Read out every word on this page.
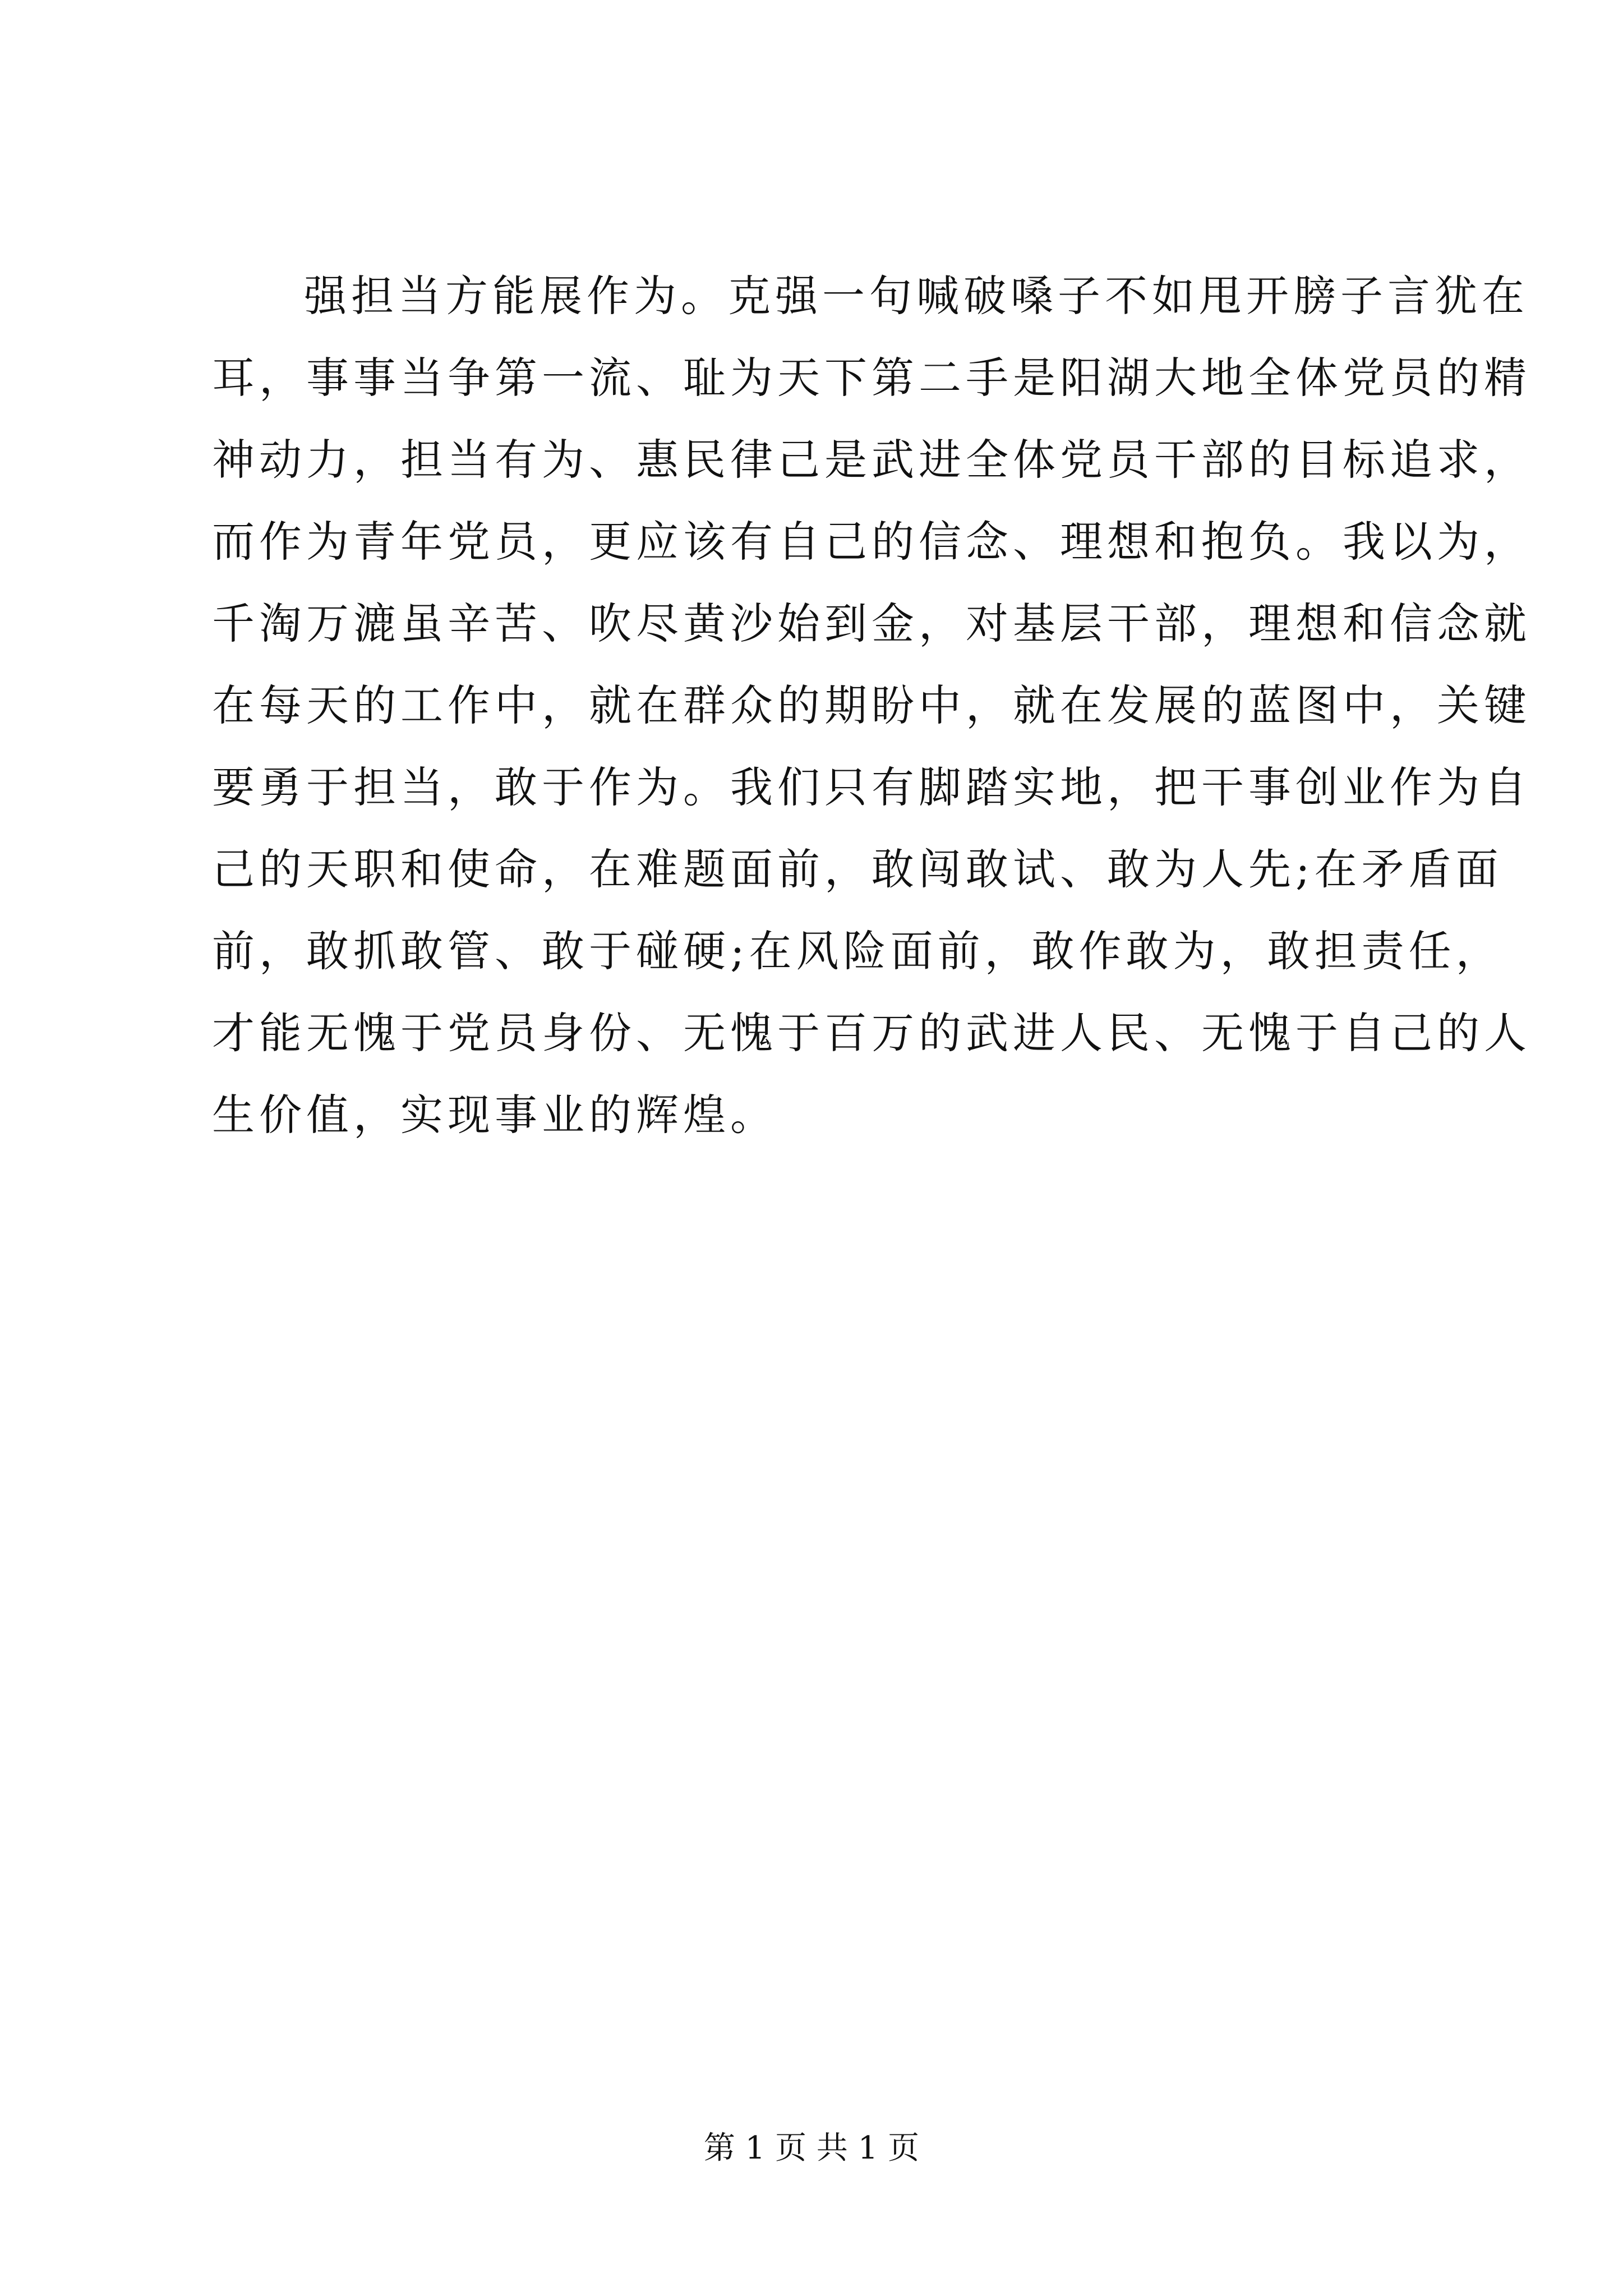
强担当方能展作为。克强一句喊破嗓子不如甩开膀子言犹在
耳，事事当争第一流、耻为天下第二手是阳湖大地全体党员的精
神动力，担当有为、惠民律己是武进全体党员干部的目标追求，
而作为青年党员，更应该有自己的信念、理想和抱负。我以为，
千淘万漉虽辛苦、吹尽黄沙始到金，对基层干部，理想和信念就
在每天的工作中，就在群众的期盼中，就在发展的蓝图中，关键
要勇于担当，敢于作为。我们只有脚踏实地，把干事创业作为自
己的天职和使命，在难题面前，敢闯敢试、敢为人先;在矛盾面
前，敢抓敢管、敢于碰硬;在风险面前，敢作敢为，敢担责任，
才能无愧于党员身份、无愧于百万的武进人民、无愧于自己的人
生价值，实现事业的辉煌。
第 1 页 共 1 页
